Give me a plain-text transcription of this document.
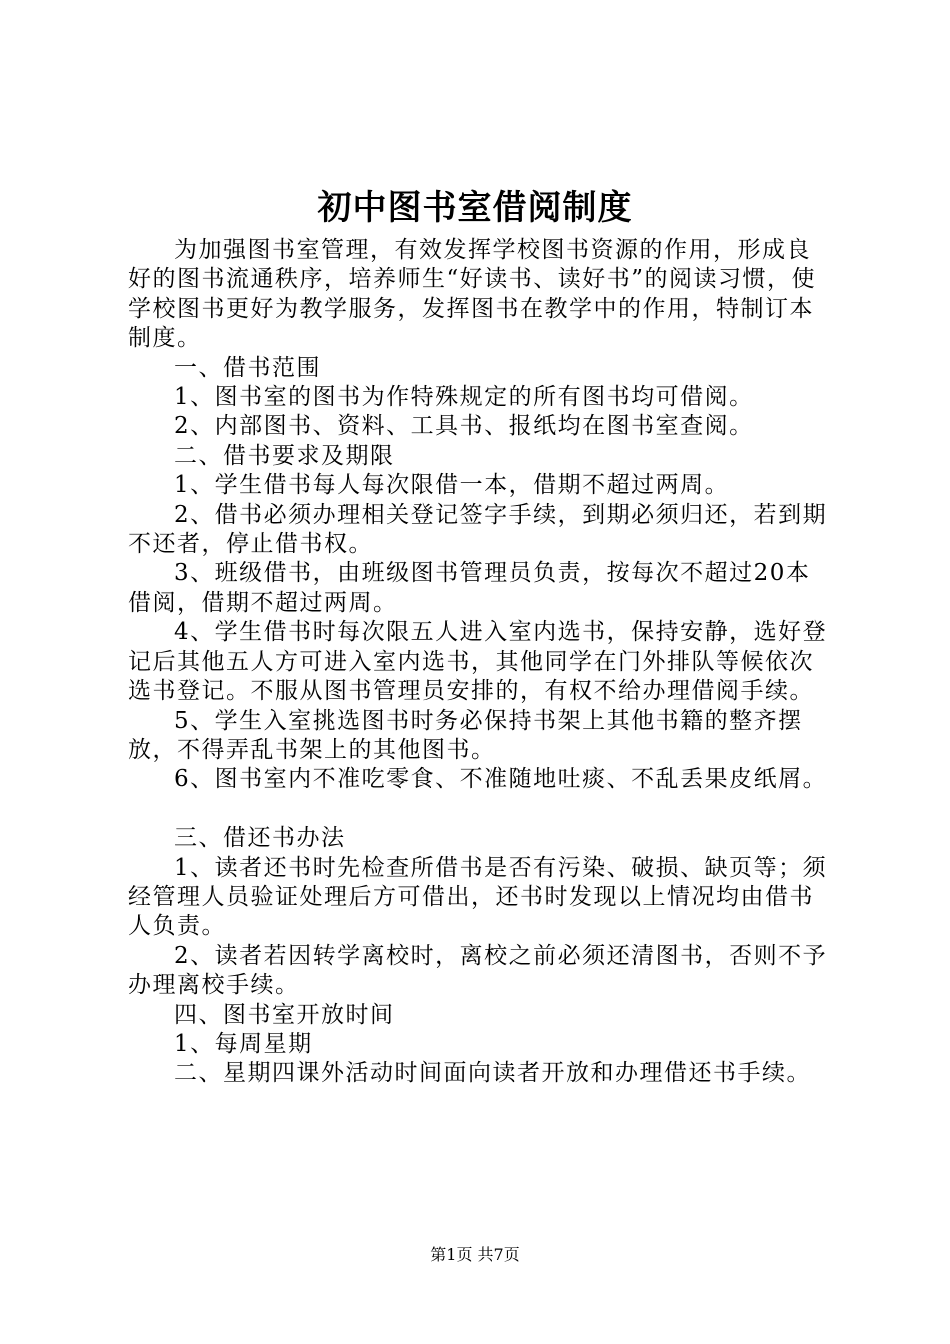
初中图书室借阅制度

为加强图书室管理，有效发挥学校图书资源的作用，形成良好的图书流通秩序，培养师生“好读书、读好书”的阅读习惯，使学校图书更好为教学服务，发挥图书在教学中的作用，特制订本制度。

一、借书范围

1、图书室的图书为作特殊规定的所有图书均可借阅。

2、内部图书、资料、工具书、报纸均在图书室查阅。

二、借书要求及期限

1、学生借书每人每次限借一本，借期不超过两周。

2、借书必须办理相关登记签字手续，到期必须归还，若到期不还者，停止借书权。

3、班级借书，由班级图书管理员负责，按每次不超过20本借阅，借期不超过两周。

4、学生借书时每次限五人进入室内选书，保持安静，选好登记后其他五人方可进入室内选书，其他同学在门外排队等候依次选书登记。不服从图书管理员安排的，有权不给办理借阅手续。

5、学生入室挑选图书时务必保持书架上其他书籍的整齐摆放，不得弄乱书架上的其他图书。

6、图书室内不准吃零食、不准随地吐痰、不乱丢果皮纸屑。

三、借还书办法

1、读者还书时先检查所借书是否有污染、破损、缺页等；须经管理人员验证处理后方可借出，还书时发现以上情况均由借书人负责。

2、读者若因转学离校时，离校之前必须还清图书，否则不予办理离校手续。

四、图书室开放时间

1、每周星期

二、星期四课外活动时间面向读者开放和办理借还书手续。

第1页 共7页
